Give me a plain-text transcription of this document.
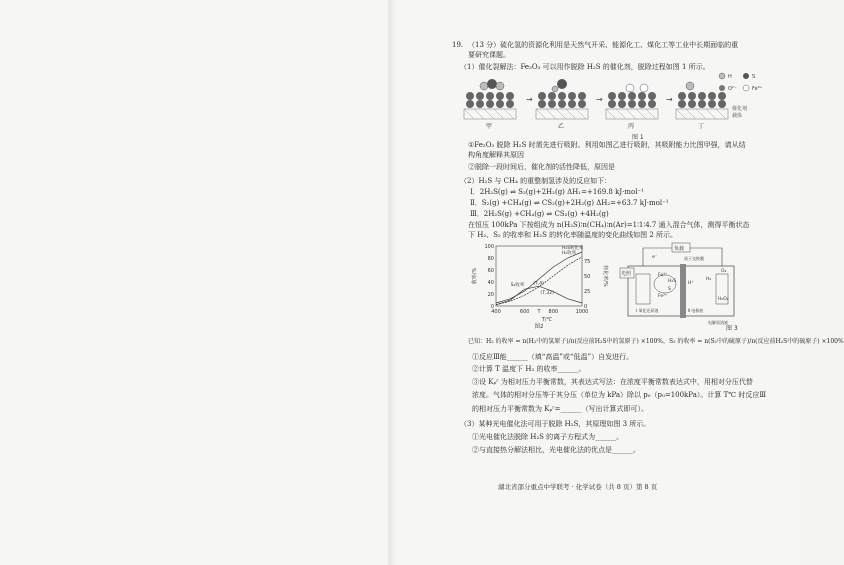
19. （13 分）硫化氢的资源化利用是天然气开采、能源化工、煤化工等工业中长期面临的重
要研究课题。
（1）催化裂解法：Fe₂O₃ 可以用作脱除 H₂S 的催化剂，脱除过程如图 1 所示。
→	→	→
H	S
O²⁻	Fe³⁺
催化剂
载体
甲	乙	丙	丁
图 1
①Fe₂O₃ 脱除 H₂S 时需先进行吸附。利用如图乙进行吸附，其吸附能力比图甲强，请从结
构角度解释其原因
②脱除一段时间后，催化剂的活性降低，原因是
（2）H₂S 与 CH₄ 的重整制氢涉及的反应如下：
Ⅰ．2H₂S(g) ⇌ S₂(g)+2H₂(g) ΔH₁=+169.8 kJ·mol⁻¹
Ⅱ．S₂(g) +CH₄(g) ⇌ CS₂(g)+2H₂(g) ΔH₂=+63.7 kJ·mol⁻¹
Ⅲ．2H₂S(g) +CH₄(g) ⇌ CS₂(g) +4H₂(g)
在恒压 100kPa 下按组成为 n(H₂S)∶n(CH₄)∶n(Ar)=1∶1∶4.7 通入混合气体，测得平衡状态
下 H₂、S₂ 的收率和 H₂S 的转化率随温度的变化曲线如图 2 所示。
400	600	800	1000
0
20
40
60
80
100
0
25
50
75
T
T/℃
收率/%	转化率/%
H₂S转化率
H₂收率
S₂收率 (T,4)
(T,32)
图2
负载
光照	Fe³⁺
Fe²⁺
H₂S
S
H⁺
e⁻
H₂
O₂
H₂O₂
质子交换膜
电解质溶液
Ⅰ 氧化还原液	Ⅱ 电极液
图 3
已知：H₂ 的收率 = n(H₂中的氢原子)/n(反应前H₂S中的氢原子) ×100%，S₂ 的收率 = n(S₂中的硫原子)/n(反应前H₂S中的硫原子) ×100%
①反应Ⅲ能______（填“高温”或“低温”）自发进行。
②计算 T 温度下 H₂ 的收率______。
③设 Kₚʳ 为相对压力平衡常数，其表达式写法：在浓度平衡常数表达式中，用相对分压代替
浓度。气体的相对分压等于其分压（单位为 kPa）除以 p₀（p₀=100kPa）。计算 T℃ 时反应Ⅲ
的相对压力平衡常数为 Kₚʳ=______（写出计算式即可）。
（3）某种光电催化法可用于脱除 H₂S，其原理如图 3 所示。
①光电催化法脱除 H₂S 的离子方程式为______。
②与直接热分解法相比，光电催化法的优点是______。
湖北省部分重点中学联考 · 化学试卷（共 8 页）第 8 页
